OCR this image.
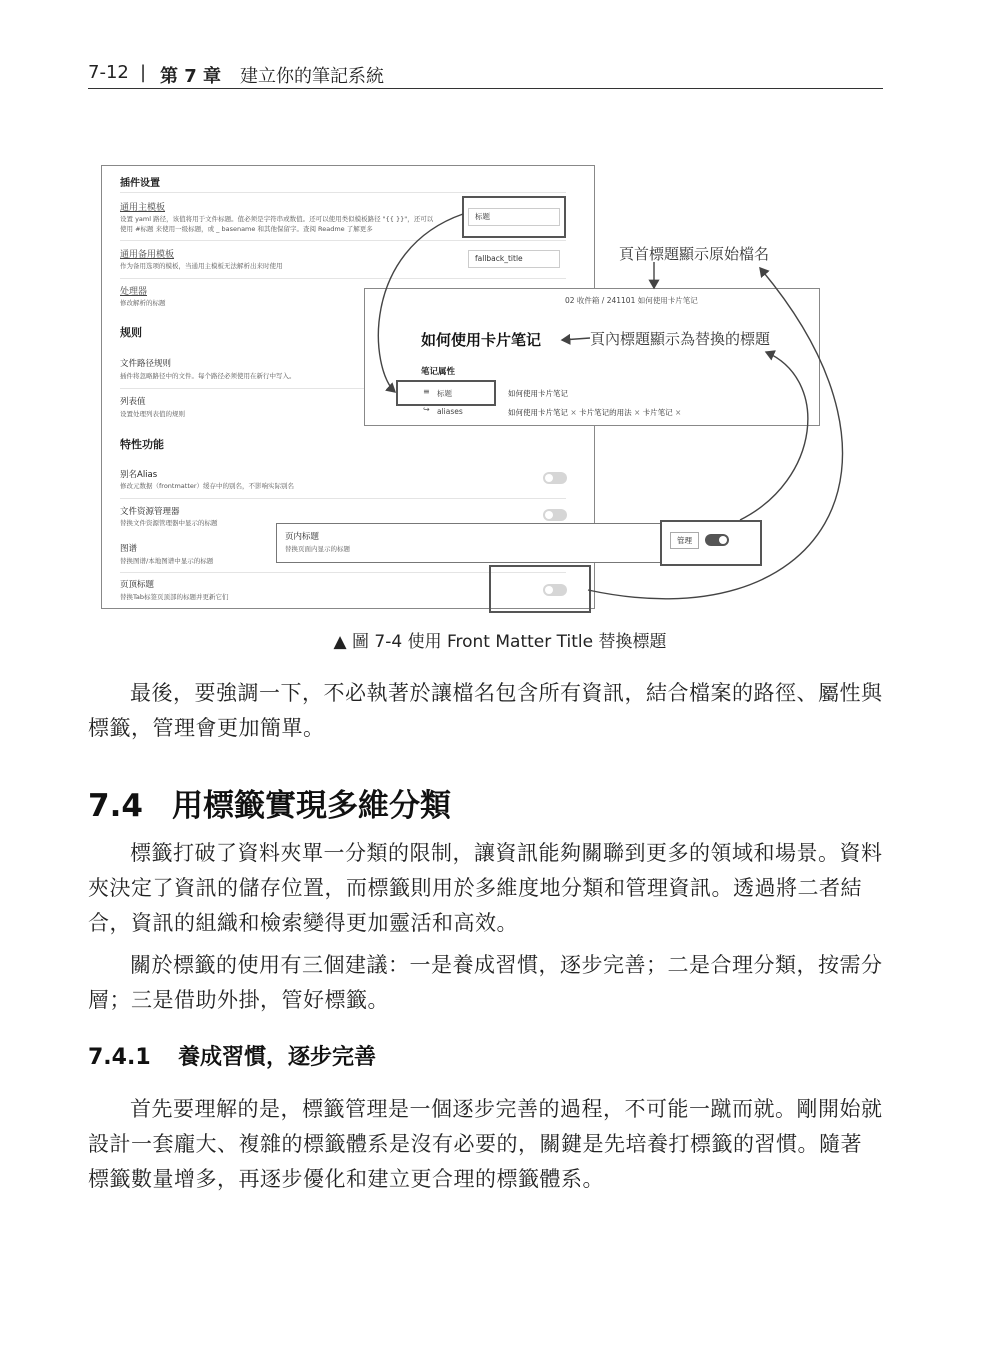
7-12 | 第 7 章 建立你的筆記系統
插件设置
通用主模板
设置 yaml 路径，该值将用于文件标题。值必须是字符串或数值。还可以使用类似模板路径 "{{ }}"，还可以
使用 #标题 来使用一级标题，或 _ basename 和其他保留字。查阅 Readme 了解更多
标题
通用备用模板
作为备用选项的模板，当通用主模板无法解析出来时使用
fallback_title
处理器
修改解析的标题
规则
文件路径规则
插件将忽略路径中的文件。每个路径必须使用在新行中写入。
列表值
设置处理列表值的规则
特性功能
别名Alias
修改元数据（frontmatter）缓存中的别名，不影响实际别名
文件资源管理器
替换文件资源管理器中显示的标题
图谱
替换图谱/本地图谱中显示的标题
页顶标题
替换Tab标签页顶部的标题并更新它们
02 收件箱 / 241101 如何使用卡片笔记
如何使用卡片笔记
笔记属性
≡ 标题	如何使用卡片笔记
↪ aliases	如何使用卡片笔记 × 卡片笔记的用法 × 卡片笔记 ×
页内标题
替换页面内显示的标题
管理
頁首標題顯示原始檔名
頁內標題顯示為替換的標題
▲ 圖 7-4 使用 Front Matter Title 替換標題
最後，要強調一下，不必執著於讓檔名包含所有資訊，結合檔案的路徑、屬性與標籤，管理會更加簡單。
7.4 用標籤實現多維分類
標籤打破了資料夾單一分類的限制，讓資訊能夠關聯到更多的領域和場景。資料夾決定了資訊的儲存位置，而標籤則用於多維度地分類和管理資訊。透過將二者結合，資訊的組織和檢索變得更加靈活和高效。
關於標籤的使用有三個建議：一是養成習慣，逐步完善；二是合理分類，按需分層；三是借助外掛，管好標籤。
7.4.1 養成習慣，逐步完善
首先要理解的是，標籤管理是一個逐步完善的過程，不可能一蹴而就。剛開始就設計一套龐大、複雜的標籤體系是沒有必要的，關鍵是先培養打標籤的習慣。隨著標籤數量增多，再逐步優化和建立更合理的標籤體系。
